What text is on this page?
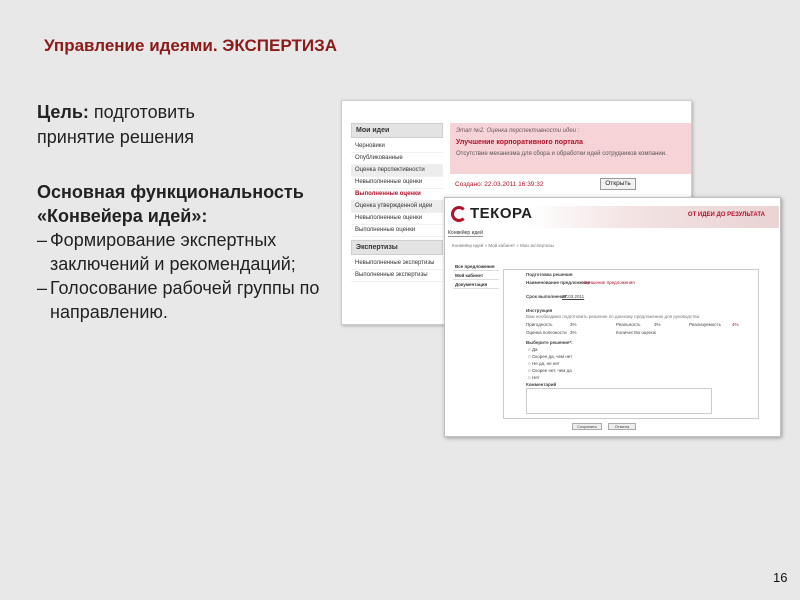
Управление идеями. ЭКСПЕРТИЗА
Цель: подготовить принятие решения
Основная функциональность «Конвейера идей»:
– Формирование экспертных заключений и рекомендаций;
– Голосование рабочей группы по направлению.
Мои идеи
Черновики
Опубликованные
Оценка перспективности
Невыполненные оценки
Выполненные оценки
Оценка утвержденной идеи
Невыполненные оценки
Выполненные оценки
Экспертизы
Невыполненные экспертизы
Выполненные экспертизы
Этап №2. Оценка перспективности идеи :
Улучшение корпоративного портала
Отсутствие механизма для сбора и обработки идей сотрудников компании.
Создано: 22.03.2011 16:39:32	Открыть
ОТ ИДЕИ ДО РЕЗУЛЬТАТА
ТЕКОРА
Конвейер идей
Конвейер идей » Мой кабинет » Мои экспертизы
Все предложения
Мой кабинет
Документация
Подготовка решения
Наименование предложения:
Улучшение предложения
Срок выполнения:
27.03.2011
Инструкция
Вам необходимо подготовить решение по данному предложению для руководства
Пригодность	3%	Реальность	3%	Реализуемость 4%
Оценка полезности 3%	Количество оценок
Выберите решение*:
○ Да
○ Скорее да, чем нет
○ Не да, не нет
○ Скорее нет, чем да
○ Нет
Комментарий
Сохранить	Отмена
16
